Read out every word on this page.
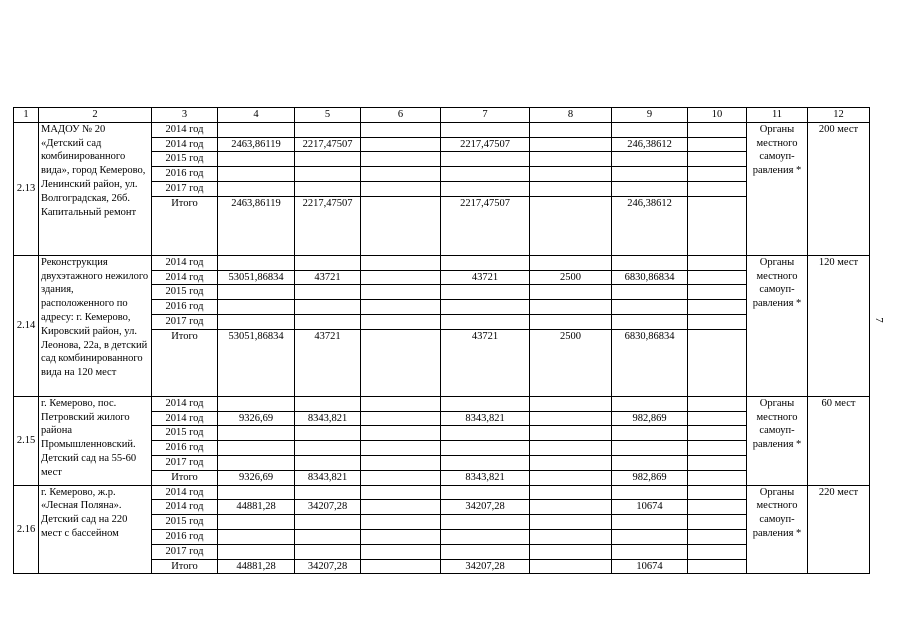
1	2	3	4	5	6	7	8	9	10	11	12
2.13	МАДОУ № 20 «Детский сад комбинированного вида», город Кемерово, Ленинский район, ул. Волгоградская, 26б. Капитальный ремонт	2014 год								Органы местного самоуп-равления *	200 мест
		2014 год	2463,86119	2217,47507		2217,47507		246,38612			
		2015 год									
		2016 год									
		2017 год									
		Итого	2463,86119	2217,47507		2217,47507		246,38612			
2.14	Реконструкция двухэтажного нежилого здания, расположенного по адресу: г. Кемерово, Кировский район, ул. Леонова, 22а, в детский сад комбинированного вида на 120 мест	2014 год								Органы местного самоуп-равления *	120 мест
		2014 год	53051,86834	43721		43721	2500	6830,86834			
		2015 год									
		2016 год									
		2017 год									
		Итого	53051,86834	43721		43721	2500	6830,86834			
2.15	г. Кемерово, пос. Петровский жилого района Промышленновский. Детский сад на 55-60 мест	2014 год								Органы местного самоуп-равления *	60 мест
		2014 год	9326,69	8343,821		8343,821		982,869			
		2015 год									
		2016 год									
		2017 год									
		Итого	9326,69	8343,821		8343,821		982,869			
2.16	г. Кемерово, ж.р. «Лесная Поляна». Детский сад на 220 мест с бассейном	2014 год								Органы местного самоуп-равления *	220 мест
		2014 год	44881,28	34207,28		34207,28		10674			
		2015 год									
		2016 год									
		2017 год									
		Итого	44881,28	34207,28		34207,28		10674			
7
